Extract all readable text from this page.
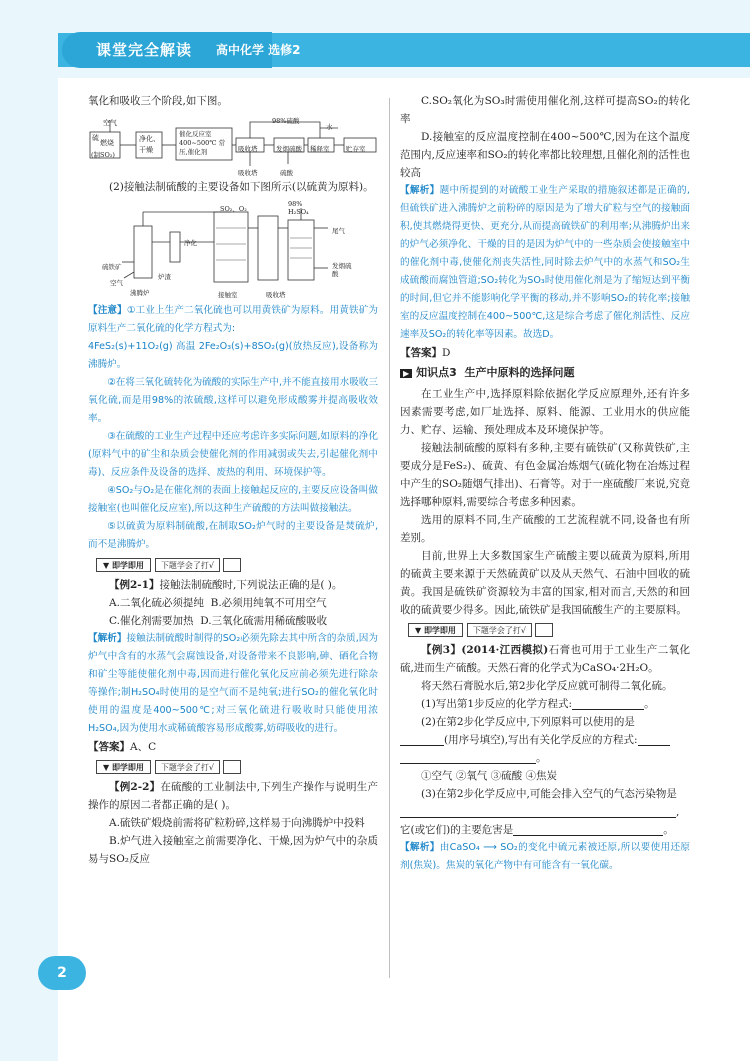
课堂完全解读 高中化学 选修2
2

氧化和吸收三个阶段,如下图。

空气
硫
燃烧
(制SO₂)
净化、干燥
催化反应室 400~500℃ 常压,催化剂	吸收塔	发烟硫酸 稀释室	贮存室
98%硫酸
水
吸收塔	硫酸

(2)接触法制硫酸的主要设备如下图所示(以硫黄为原料)。

SO₂、O₂
98% H₂SO₄
尾气
净化
硫铁矿
空气
炉渣
沸腾炉	接触室	吸收塔
发烟硫酸

【注意】①工业上生产二氧化硫也可以用黄铁矿为原料。用黄铁矿为原料生产二氧化硫的化学方程式为:

4FeS₂(s)+11O₂(g) 高温 2Fe₂O₃(s)+8SO₂(g)(放热反应),设备称为沸腾炉。

②在将三氧化硫转化为硫酸的实际生产中,并不能直接用水吸收三氧化硫,而是用98%的浓硫酸,这样可以避免形成酸雾并提高吸收效率。

③在硫酸的工业生产过程中还应考虑许多实际问题,如原料的净化(原料气中的矿尘和杂质会使催化剂的作用减弱或失去,引起催化剂中毒)、反应条件及设备的选择、废热的利用、环境保护等。

④SO₂与O₂是在催化剂的表面上接触起反应的,主要反应设备叫做接触室(也叫催化反应室),所以这种生产硫酸的方法叫做接触法。

⑤以硫黄为原料制硫酸,在制取SO₂炉气时的主要设备是焚硫炉,而不是沸腾炉。

▼ 即学即用	下题学会了打√

【例2-1】接触法制硫酸时,下列说法正确的是( )。

A.二氧化硫必须提纯 B.必须用纯氧不可用空气

C.催化剂需要加热 D.三氧化硫需用稀硫酸吸收

【解析】接触法制硫酸时制得的SO₂必须先除去其中所含的杂质,因为炉气中含有的水蒸气会腐蚀设备,对设备带来不良影响,砷、硒化合物和矿尘等能使催化剂中毒,因而进行催化氧化反应前必须先进行除杂等操作;制H₂SO₄时使用的是空气而不是纯氧;进行SO₂的催化氧化时使用的温度是400~500℃;对三氧化硫进行吸收时只能使用浓H₂SO₄,因为使用水或稀硫酸容易形成酸雾,妨碍吸收的进行。

【答案】A、C

▼ 即学即用	下题学会了打√

【例2-2】在硫酸的工业制法中,下列生产操作与说明生产操作的原因二者都正确的是( )。

A.硫铁矿煅烧前需将矿粒粉碎,这样易于向沸腾炉中投料

B.炉气进入接触室之前需要净化、干燥,因为炉气中的杂质易与SO₂反应

C.SO₂氧化为SO₃时需使用催化剂,这样可提高SO₂的转化率

D.接触室的反应温度控制在400~500℃,因为在这个温度范围内,反应速率和SO₂的转化率都比较理想,且催化剂的活性也较高

【解析】题中所提到的对硫酸工业生产采取的措施叙述都是正确的,但硫铁矿进入沸腾炉之前粉碎的原因是为了增大矿粒与空气的接触面积,使其燃烧得更快、更充分,从而提高硫铁矿的利用率;从沸腾炉出来的炉气必须净化、干燥的目的是因为炉气中的一些杂质会使接触室中的催化剂中毒,使催化剂丧失活性,同时除去炉气中的水蒸气和SO₂生成硫酸而腐蚀管道;SO₂转化为SO₃时使用催化剂是为了缩短达到平衡的时间,但它并不能影响化学平衡的移动,并不影响SO₂的转化率;接触室的反应温度控制在400~500℃,这是综合考虑了催化剂活性、反应速率及SO₂的转化率等因素。故选D。

【答案】D

▶ 知识点3 生产中原料的选择问题

在工业生产中,选择原料除依据化学反应原理外,还有许多因素需要考虑,如厂址选择、原料、能源、工业用水的供应能力、贮存、运输、预处理成本及环境保护等。

接触法制硫酸的原料有多种,主要有硫铁矿(又称黄铁矿,主要成分是FeS₂)、硫黄、有色金属冶炼烟气(硫化物在冶炼过程中产生的SO₂随烟气排出)、石膏等。对于一座硫酸厂来说,究竟选择哪种原料,需要综合考虑多种因素。

选用的原料不同,生产硫酸的工艺流程就不同,设备也有所差别。

目前,世界上大多数国家生产硫酸主要以硫黄为原料,所用的硫黄主要来源于天然硫黄矿以及从天然气、石油中回收的硫黄。我国是硫铁矿资源较为丰富的国家,相对而言,天然的和回收的硫黄要少得多。因此,硫铁矿是我国硫酸生产的主要原料。

▼ 即学即用	下题学会了打√

【例3】(2014·江西模拟)石膏也可用于工业生产二氧化硫,进而生产硫酸。天然石膏的化学式为CaSO₄·2H₂O。

将天然石膏脱水后,第2步化学反应就可制得二氧化硫。

(1)写出第1步反应的化学方程式:	。

(2)在第2步化学反应中,下列原料可以使用的是

(用序号填空),写出有关化学反应的方程式:

。

①空气 ②氧气 ③硫酸 ④焦炭

(3)在第2步化学反应中,可能会排入空气的气态污染物是

,

它(或它们)的主要危害是	。

【解析】由CaSO₄ ⟶ SO₂的变化中硫元素被还原,所以要使用还原剂(焦炭)。焦炭的氧化产物中有可能含有一氧化碳。
